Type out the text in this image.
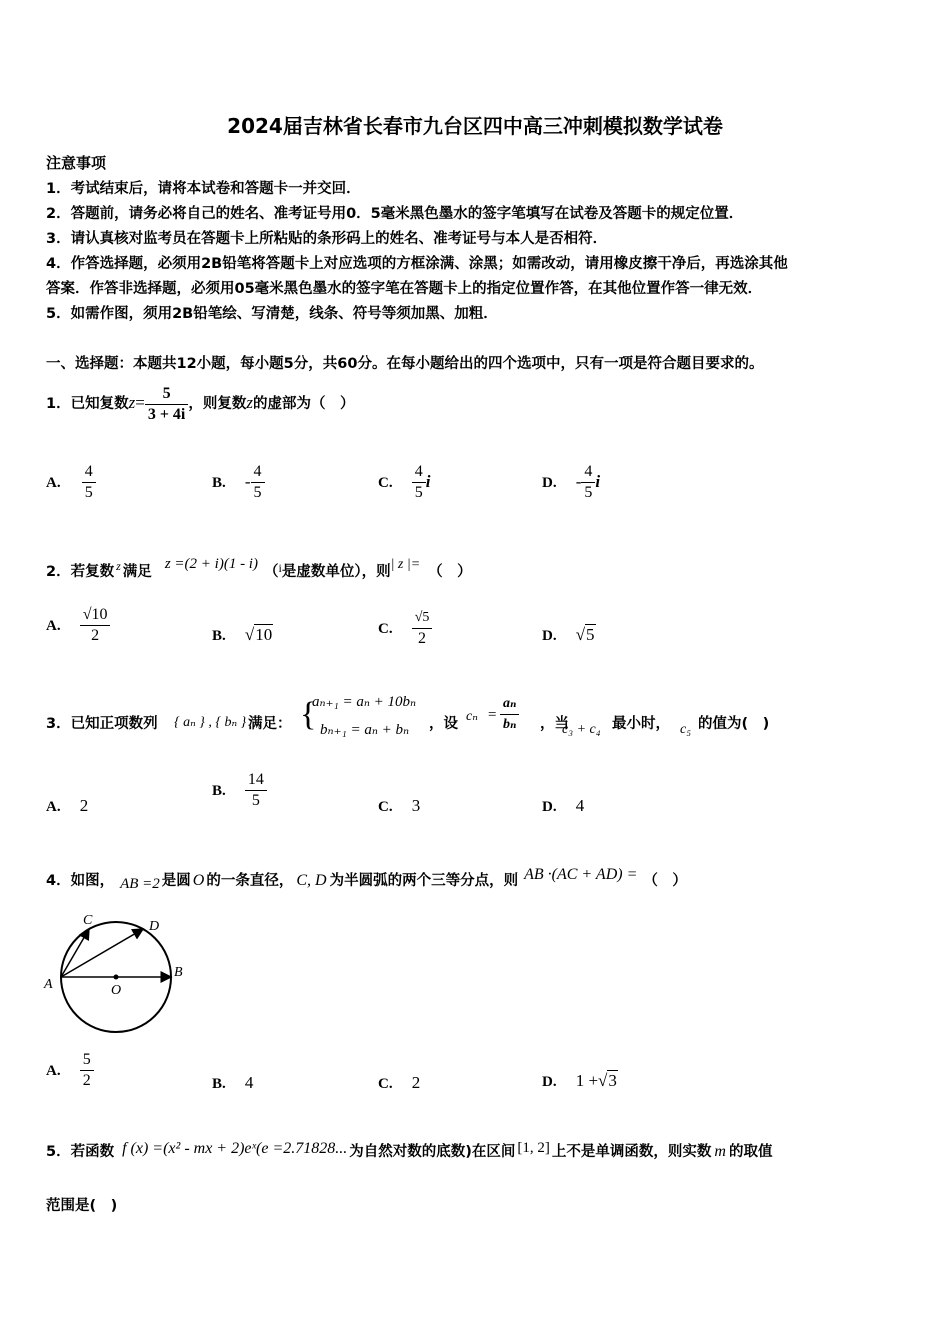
2024届吉林省长春市九台区四中高三冲刺模拟数学试卷
注意事项
1．考试结束后，请将本试卷和答题卡一并交回．
2．答题前，请务必将自己的姓名、准考证号用0．5毫米黑色墨水的签字笔填写在试卷及答题卡的规定位置．
3．请认真核对监考员在答题卡上所粘贴的条形码上的姓名、准考证号与本人是否相符．
4．作答选择题，必须用2B铅笔将答题卡上对应选项的方框涂满、涂黑；如需改动，请用橡皮擦干净后，再选涂其他
答案．作答非选择题，必须用05毫米黑色墨水的签字笔在答题卡上的指定位置作答，在其他位置作答一律无效．
5．如需作图，须用2B铅笔绘、写清楚，线条、符号等须加黑、加粗．
一、选择题：本题共12小题，每小题5分，共60分。在每小题给出的四个选项中，只有一项是符合题目要求的。
1．已知复数$z= \frac{5}{3 + 4i}$ ，则复数z的虚部为（　）
A. $\frac{4}{5}$	B. - $\frac{4}{5}$	C. $\frac{4}{5}$ i	D. - $\frac{4}{5}$ i
2．若复数 $^z$ 满足 z =(2 + i)(1 - i) （$^i$是虚数单位），则| z |= （　）
A. $\frac{√10}{2}$	B. √10	C. $\frac{√5}{2}$	D. √5
3．已知正项数列 { aₙ } , { bₙ } 满足： {
aₙ₊₁ = aₙ + 10bₙ
bₙ₊₁ = aₙ + bₙ ，设 $c_n = \frac{\text{aₙ}}{\text{bₙ}}$ ，当
c₃ + c₄ 最小时， c₅ 的值为(　)
A. 2
B. $\frac{14}{5}$	C. 3	D. 4
4．如图， AB =2 是圆 O 的一条直径， C, D 为半圆弧的两个三等分点，则 AB ·(AC + AD) = （　）
A
B
C	D
O
A. $\frac{5}{2}$	B. 4	C. 2	D. 1 +√3
5．若函数 f (x) =(x² - mx + 2)eˣ(e =2.71828... 为自然对数的底数)在区间 [1, 2] 上不是单调函数，则实数 m 的取值
范围是(　)
